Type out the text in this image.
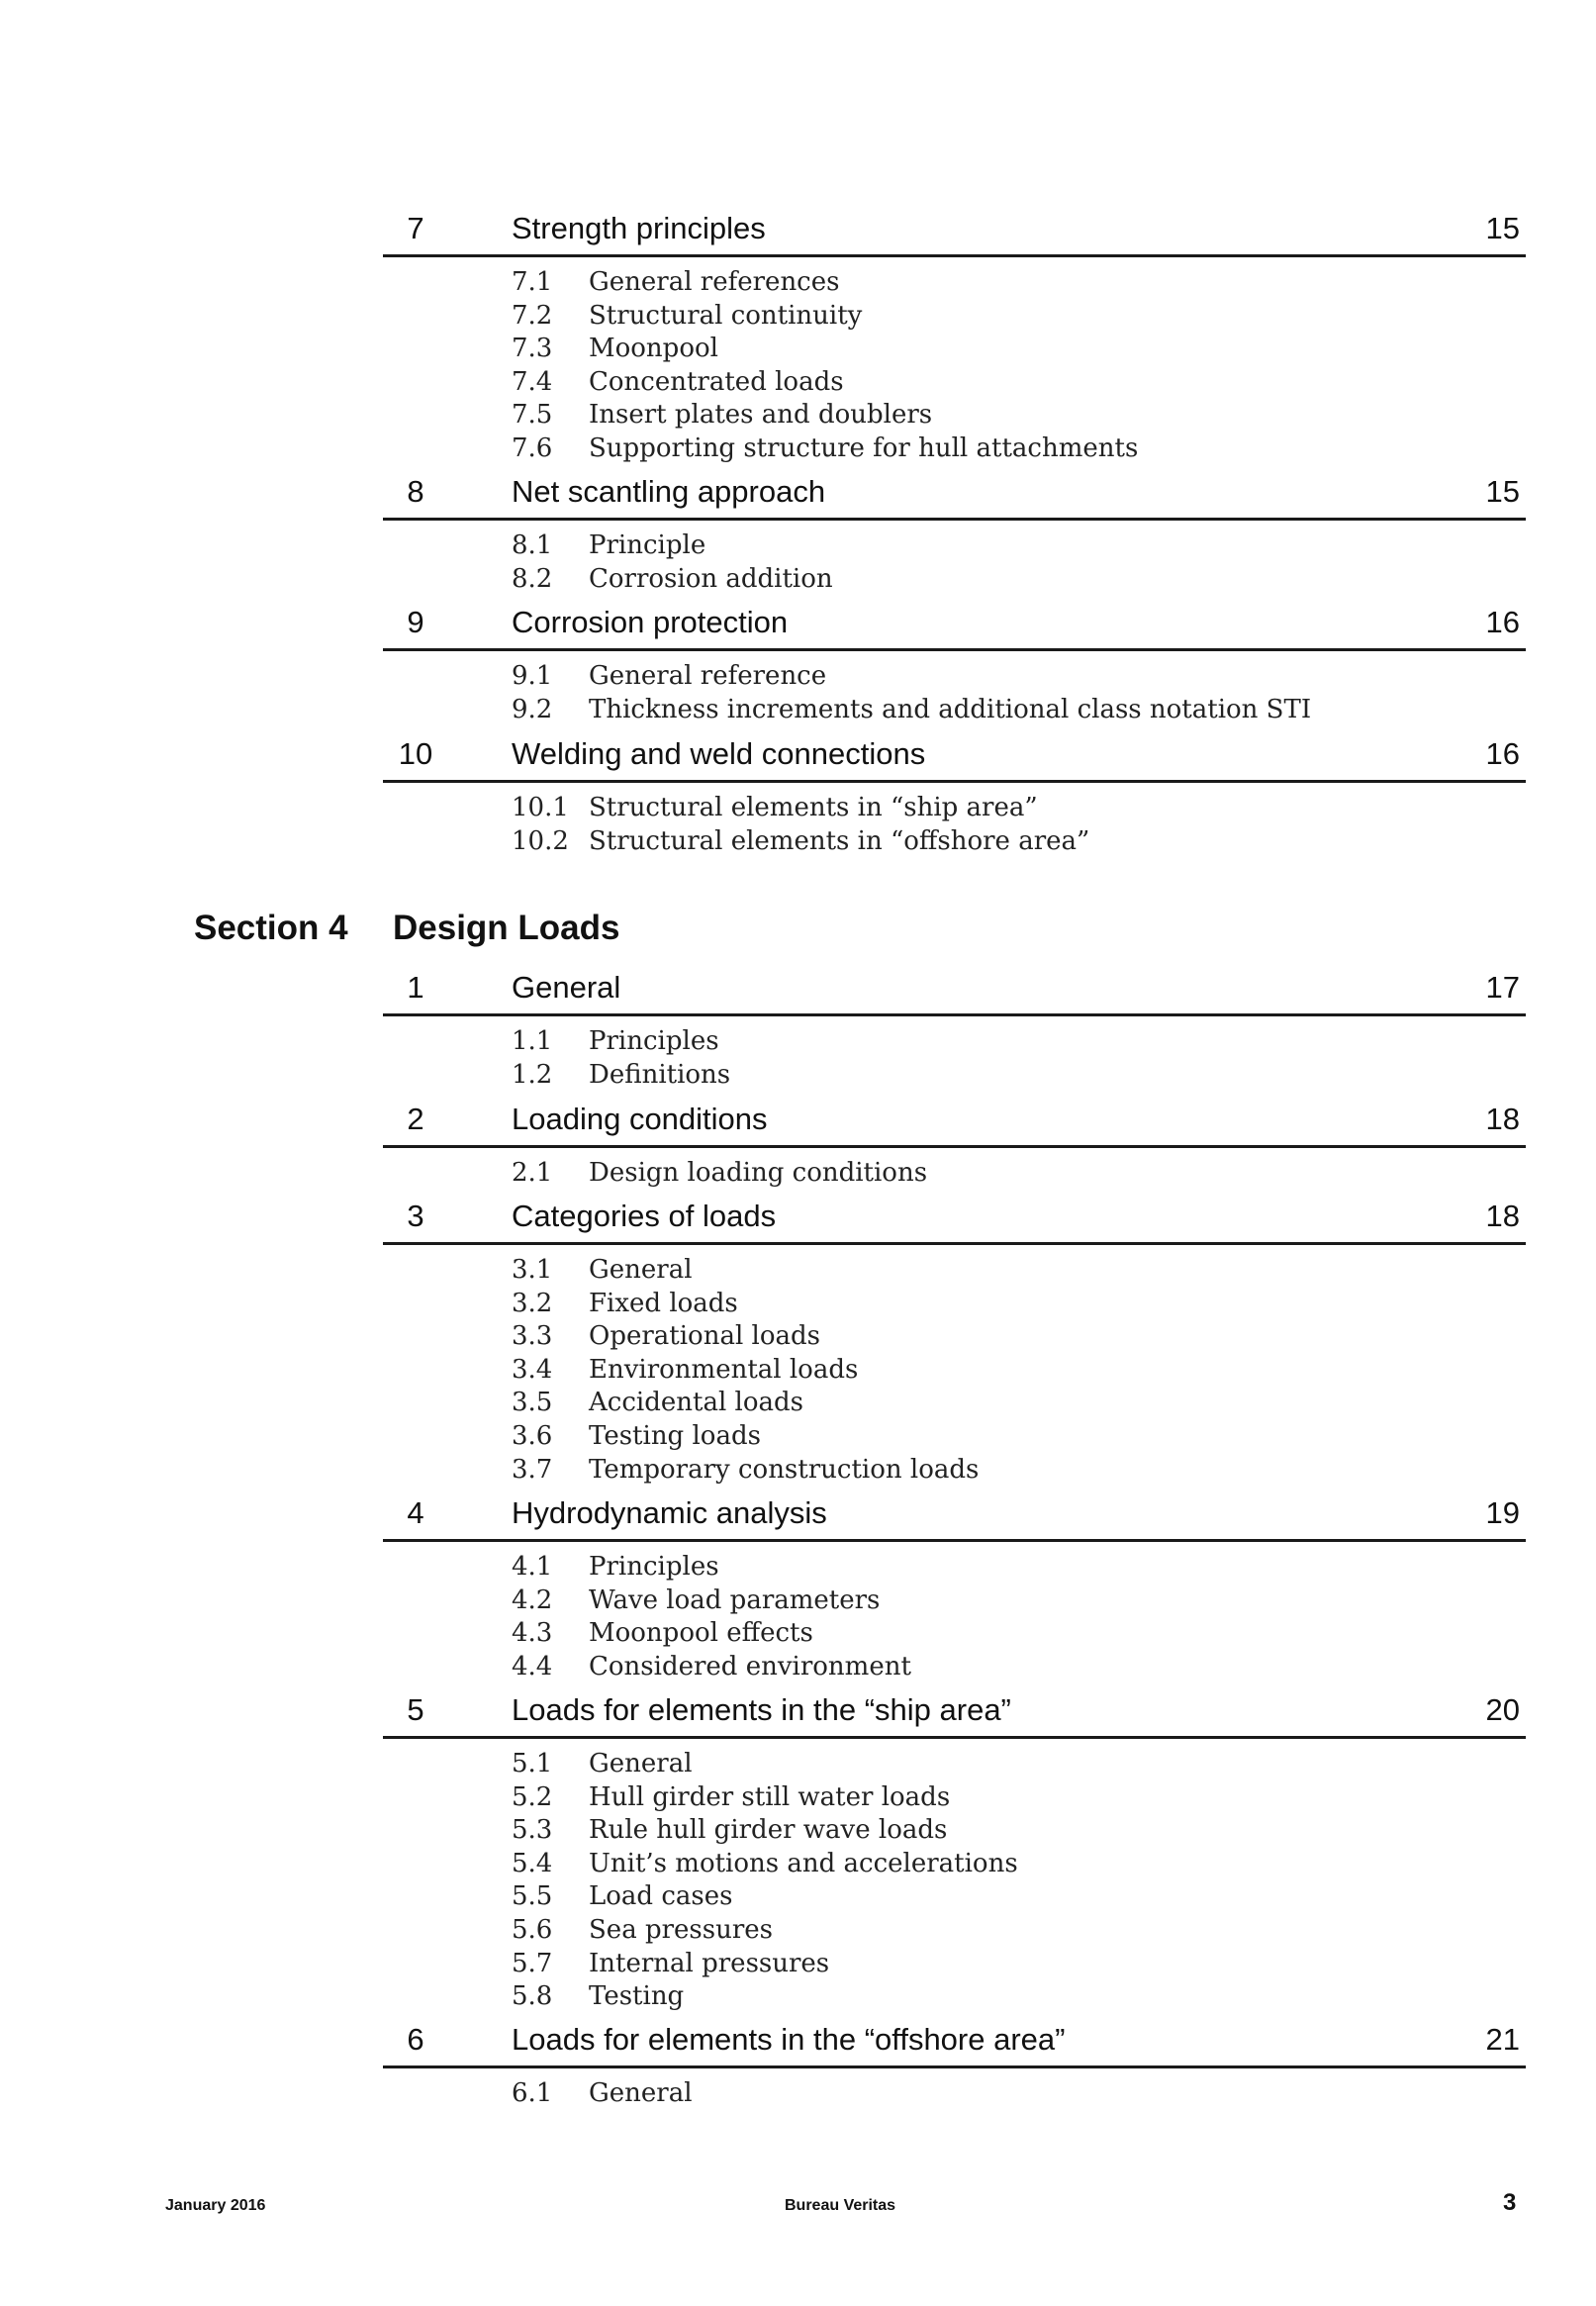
7	Strength principles	15
7.1 General references
7.2 Structural continuity
7.3 Moonpool
7.4 Concentrated loads
7.5 Insert plates and doublers
7.6 Supporting structure for hull attachments
8	Net scantling approach	15
8.1 Principle
8.2 Corrosion addition
9	Corrosion protection	16
9.1 General reference
9.2 Thickness increments and additional class notation STI
10	Welding and weld connections	16
10.1 Structural elements in “ship area”
10.2 Structural elements in “offshore area”
Section 4 Design Loads
1	General	17
1.1 Principles
1.2 Definitions
2	Loading conditions	18
2.1 Design loading conditions
3	Categories of loads	18
3.1 General
3.2 Fixed loads
3.3 Operational loads
3.4 Environmental loads
3.5 Accidental loads
3.6 Testing loads
3.7 Temporary construction loads
4	Hydrodynamic analysis	19
4.1 Principles
4.2 Wave load parameters
4.3 Moonpool effects
4.4 Considered environment
5	Loads for elements in the “ship area”	20
5.1 General
5.2 Hull girder still water loads
5.3 Rule hull girder wave loads
5.4 Unit’s motions and accelerations
5.5 Load cases
5.6 Sea pressures
5.7 Internal pressures
5.8 Testing
6	Loads for elements in the “offshore area”	21
6.1 General
January 2016	Bureau Veritas	3
